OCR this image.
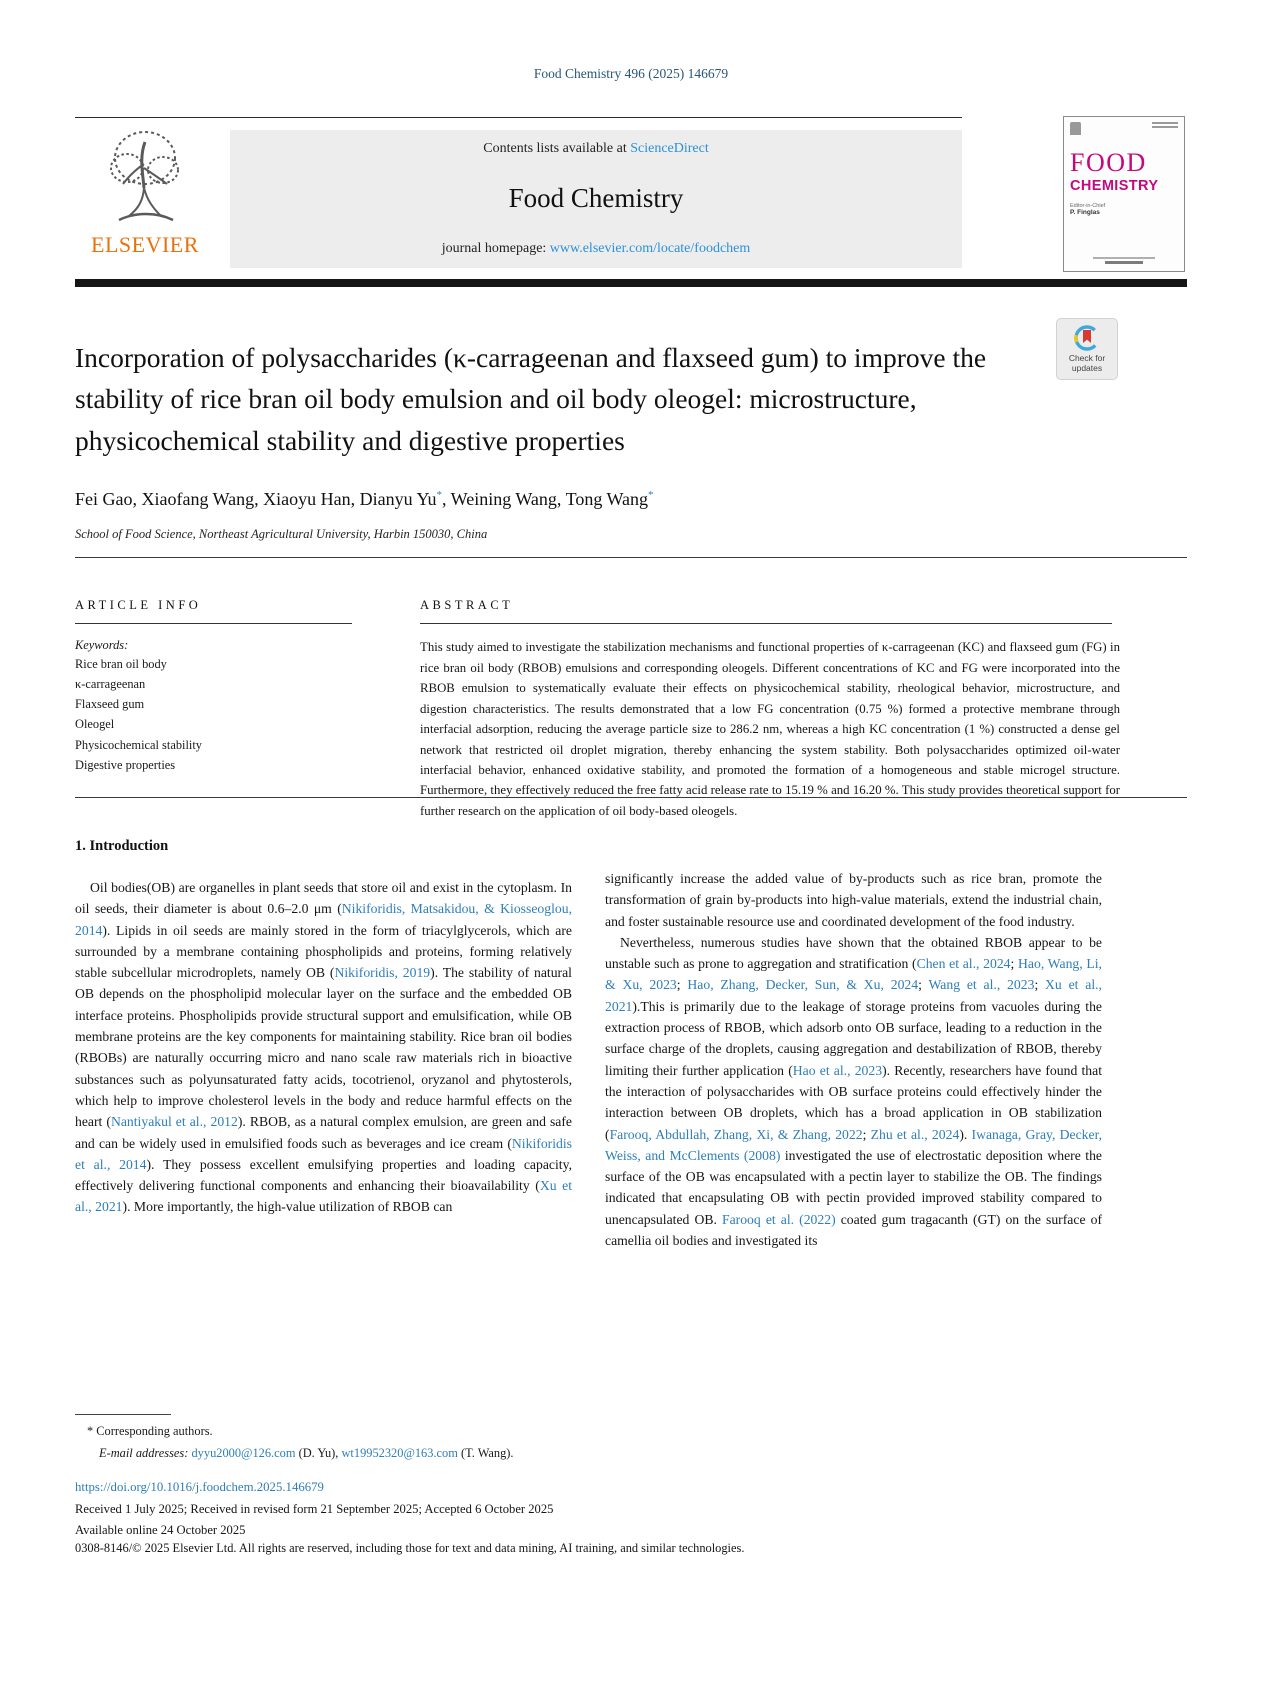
Food Chemistry 496 (2025) 146679
ELSEVIER
Contents lists available at ScienceDirect
Food Chemistry
journal homepage: www.elsevier.com/locate/foodchem
FOOD
CHEMISTRY
Editor-in-Chief
P. Finglas
Check for
updates
Incorporation of polysaccharides (κ-carrageenan and flaxseed gum) to improve the stability of rice bran oil body emulsion and oil body oleogel: microstructure, physicochemical stability and digestive properties
Fei Gao, Xiaofang Wang, Xiaoyu Han, Dianyu Yu*, Weining Wang, Tong Wang*
School of Food Science, Northeast Agricultural University, Harbin 150030, China
ARTICLE INFO
Keywords:
Rice bran oil body
κ-carrageenan
Flaxseed gum
Oleogel
Physicochemical stability
Digestive properties
ABSTRACT
This study aimed to investigate the stabilization mechanisms and functional properties of κ-carrageenan (KC) and flaxseed gum (FG) in rice bran oil body (RBOB) emulsions and corresponding oleogels. Different concentrations of KC and FG were incorporated into the RBOB emulsion to systematically evaluate their effects on physicochemical stability, rheological behavior, microstructure, and digestion characteristics. The results demonstrated that a low FG concentration (0.75 %) formed a protective membrane through interfacial adsorption, reducing the average particle size to 286.2 nm, whereas a high KC concentration (1 %) constructed a dense gel network that restricted oil droplet migration, thereby enhancing the system stability. Both polysaccharides optimized oil-water interfacial behavior, enhanced oxidative stability, and promoted the formation of a homogeneous and stable microgel structure. Furthermore, they effectively reduced the free fatty acid release rate to 15.19 % and 16.20 %. This study provides theoretical support for further research on the application of oil body-based oleogels.
1. Introduction

Oil bodies(OB) are organelles in plant seeds that store oil and exist in the cytoplasm. In oil seeds, their diameter is about 0.6–2.0 μm (Nikiforidis, Matsakidou, & Kiosseoglou, 2014). Lipids in oil seeds are mainly stored in the form of triacylglycerols, which are surrounded by a membrane containing phospholipids and proteins, forming relatively stable subcellular microdroplets, namely OB (Nikiforidis, 2019). The stability of natural OB depends on the phospholipid molecular layer on the surface and the embedded OB interface proteins. Phospholipids provide structural support and emulsification, while OB membrane proteins are the key components for maintaining stability. Rice bran oil bodies (RBOBs) are naturally occurring micro and nano scale raw materials rich in bioactive substances such as polyunsaturated fatty acids, tocotrienol, oryzanol and phytosterols, which help to improve cholesterol levels in the body and reduce harmful effects on the heart (Nantiyakul et al., 2012). RBOB, as a natural complex emulsion, are green and safe and can be widely used in emulsified foods such as beverages and ice cream (Nikiforidis et al., 2014). They possess excellent emulsifying properties and loading capacity, effectively delivering functional components and enhancing their bioavailability (Xu et al., 2021). More importantly, the high-value utilization of RBOB can

significantly increase the added value of by-products such as rice bran, promote the transformation of grain by-products into high-value materials, extend the industrial chain, and foster sustainable resource use and coordinated development of the food industry.

Nevertheless, numerous studies have shown that the obtained RBOB appear to be unstable such as prone to aggregation and stratification (Chen et al., 2024; Hao, Wang, Li, & Xu, 2023; Hao, Zhang, Decker, Sun, & Xu, 2024; Wang et al., 2023; Xu et al., 2021).This is primarily due to the leakage of storage proteins from vacuoles during the extraction process of RBOB, which adsorb onto OB surface, leading to a reduction in the surface charge of the droplets, causing aggregation and destabilization of RBOB, thereby limiting their further application (Hao et al., 2023). Recently, researchers have found that the interaction of polysaccharides with OB surface proteins could effectively hinder the interaction between OB droplets, which has a broad application in OB stabilization (Farooq, Abdullah, Zhang, Xi, & Zhang, 2022; Zhu et al., 2024). Iwanaga, Gray, Decker, Weiss, and McClements (2008) investigated the use of electrostatic deposition where the surface of the OB was encapsulated with a pectin layer to stabilize the OB. The findings indicated that encapsulating OB with pectin provided improved stability compared to unencapsulated OB. Farooq et al. (2022) coated gum tragacanth (GT) on the surface of camellia oil bodies and investigated its

* Corresponding authors.
E-mail addresses: dyyu2000@126.com (D. Yu), wt19952320@163.com (T. Wang).
https://doi.org/10.1016/j.foodchem.2025.146679
Received 1 July 2025; Received in revised form 21 September 2025; Accepted 6 October 2025
Available online 24 October 2025
0308-8146/© 2025 Elsevier Ltd. All rights are reserved, including those for text and data mining, AI training, and similar technologies.
